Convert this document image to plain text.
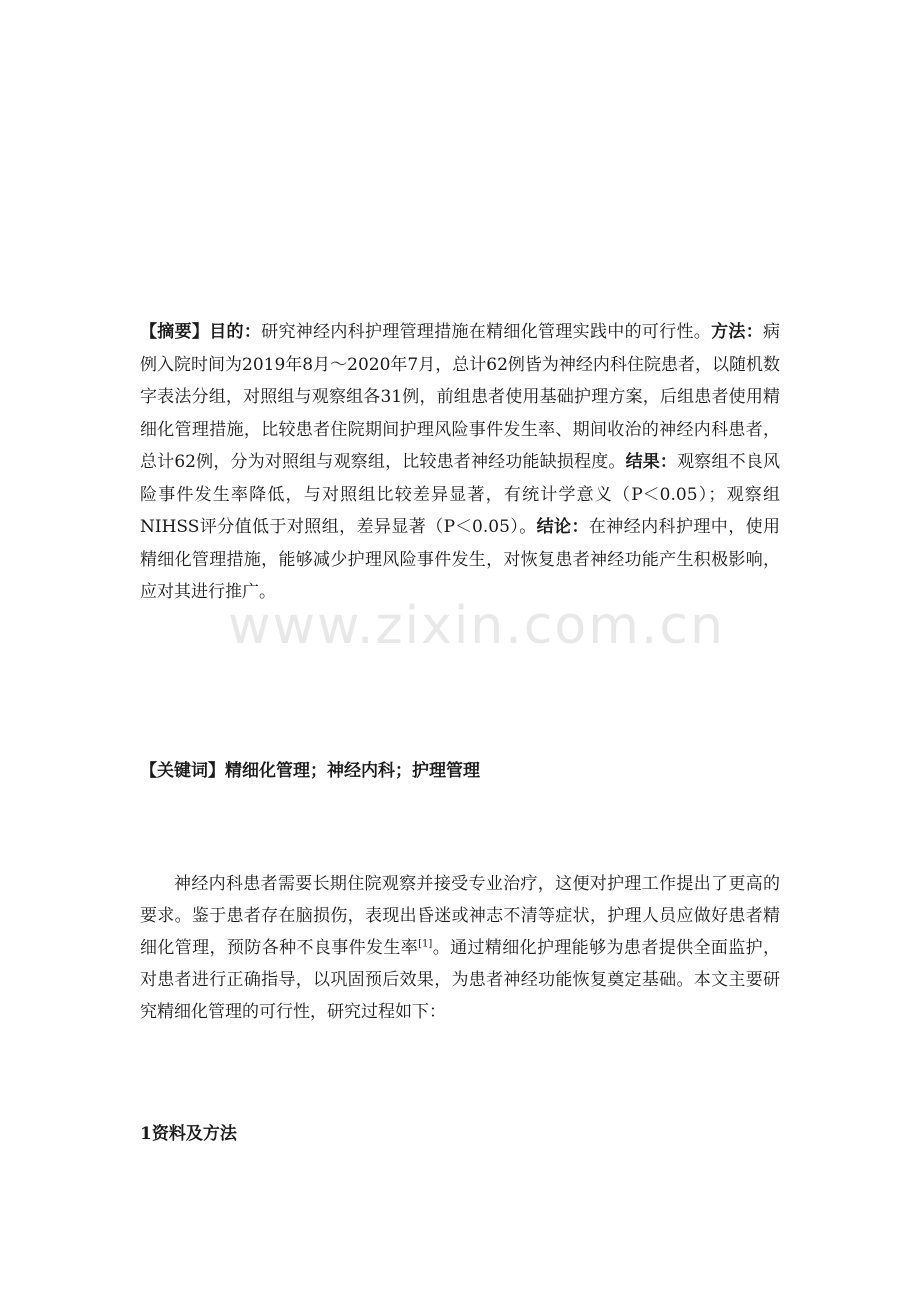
【摘要】目的：研究神经内科护理管理措施在精细化管理实践中的可行性。方法：病例入院时间为2019年8月～2020年7月，总计62例皆为神经内科住院患者，以随机数字表法分组，对照组与观察组各31例，前组患者使用基础护理方案，后组患者使用精细化管理措施，比较患者住院期间护理风险事件发生率、期间收治的神经内科患者，总计62例，分为对照组与观察组，比较患者神经功能缺损程度。结果：观察组不良风险事件发生率降低，与对照组比较差异显著，有统计学意义（P＜0.05）；观察组NIHSS评分值低于对照组，差异显著（P＜0.05）。结论：在神经内科护理中，使用精细化管理措施，能够减少护理风险事件发生，对恢复患者神经功能产生积极影响，应对其进行推广。

【关键词】精细化管理；神经内科；护理管理

神经内科患者需要长期住院观察并接受专业治疗，这便对护理工作提出了更高的要求。鉴于患者存在脑损伤，表现出昏迷或神志不清等症状，护理人员应做好患者精细化管理，预防各种不良事件发生率[1]。通过精细化护理能够为患者提供全面监护，对患者进行正确指导，以巩固预后效果，为患者神经功能恢复奠定基础。本文主要研究精细化管理的可行性，研究过程如下：

1资料及方法

www.zixin.com.cn
